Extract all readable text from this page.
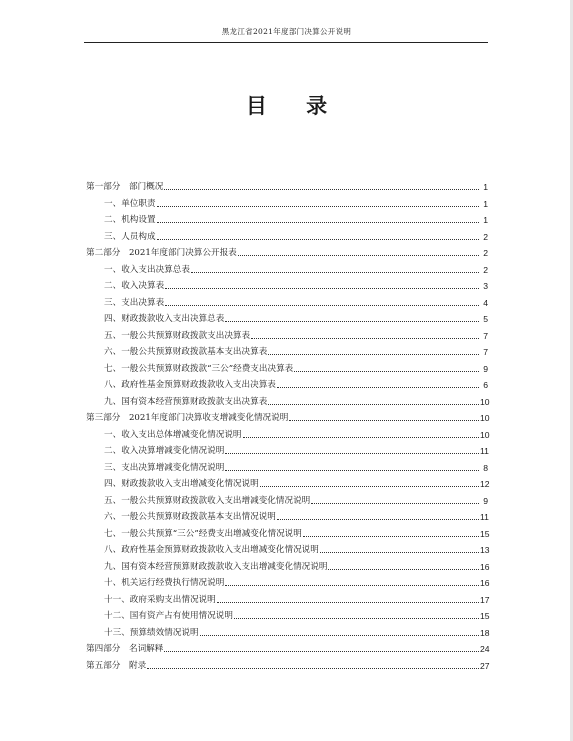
黑龙江省2021年度部门决算公开说明
目 录
第一部分　部门概况	1
一、单位职责	1
二、机构设置	1
三、人员构成	2
第二部分　2021年度部门决算公开报表	2
一、收入支出决算总表	2
二、收入决算表	3
三、支出决算表	4
四、财政拨款收入支出决算总表	5
五、一般公共预算财政拨款支出决算表	7
六、一般公共预算财政拨款基本支出决算表	7
七、一般公共预算财政拨款“三公”经费支出决算表	9
八、政府性基金预算财政拨款收入支出决算表	6
九、国有资本经营预算财政拨款支出决算表	10
第三部分　2021年度部门决算收支增减变化情况说明	10
一、收入支出总体增减变化情况说明	10
二、收入决算增减变化情况说明	11
三、支出决算增减变化情况说明	8
四、财政拨款收入支出增减变化情况说明	12
五、一般公共预算财政拨款收入支出增减变化情况说明	9
六、一般公共预算财政拨款基本支出情况说明	11
七、一般公共预算“三公”经费支出增减变化情况说明	15
八、政府性基金预算财政拨款收入支出增减变化情况说明	13
九、国有资本经营预算财政拨款收入支出增减变化情况说明	16
十、机关运行经费执行情况说明	16
十一、政府采购支出情况说明	17
十二、国有资产占有使用情况说明	15
十三、预算绩效情况说明	18
第四部分　名词解释	24
第五部分　附录	27
